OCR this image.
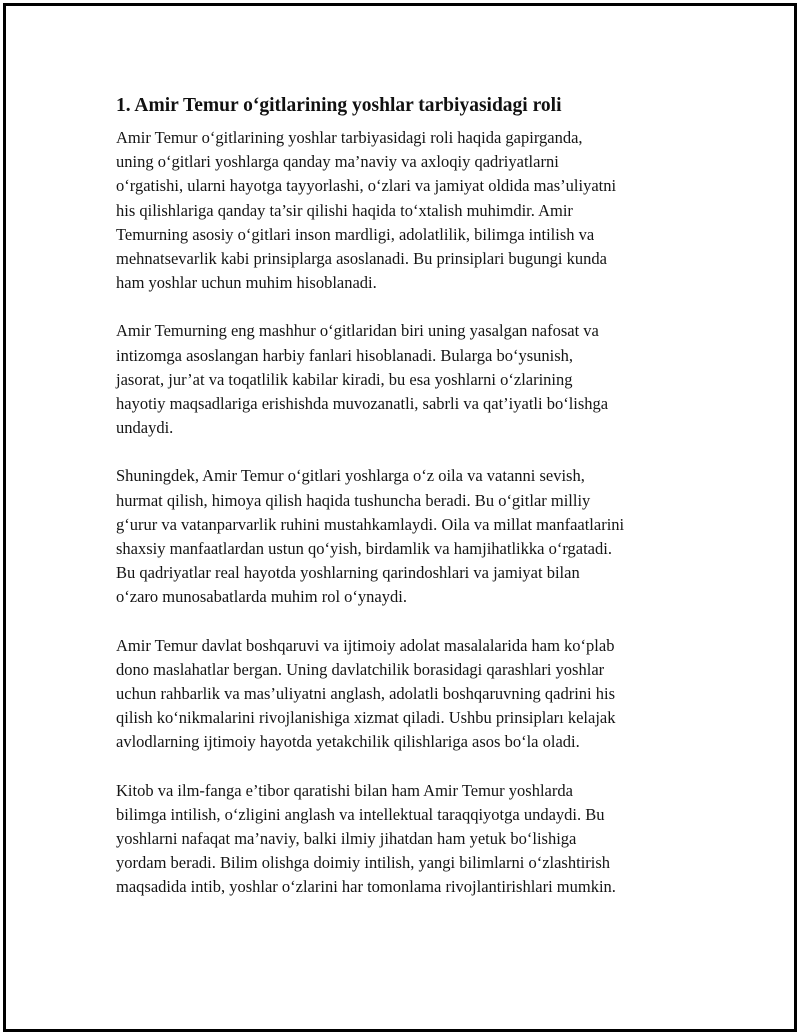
1. Amir Temur o‘gitlarining yoshlar tarbiyasidagi roli
Amir Temur o‘gitlarining yoshlar tarbiyasidagi roli haqida gapirganda,
uning o‘gitlari yoshlarga qanday ma’naviy va axloqiy qadriyatlarni
o‘rgatishi, ularni hayotga tayyorlashi, o‘zlari va jamiyat oldida mas’uliyatni
his qilishlariga qanday ta’sir qilishi haqida to‘xtalish muhimdir. Amir
Temurning asosiy o‘gitlari inson mardligi, adolatlilik, bilimga intilish va
mehnatsevarlik kabi prinsiplarga asoslanadi. Bu prinsiplari bugungi kunda
ham yoshlar uchun muhim hisoblanadi.
Amir Temurning eng mashhur o‘gitlaridan biri uning yasalgan nafosat va
intizomga asoslangan harbiy fanlari hisoblanadi. Bularga bo‘ysunish,
jasorat, jur’at va toqatlilik kabilar kiradi, bu esa yoshlarni o‘zlarining
hayotiy maqsadlariga erishishda muvozanatli, sabrli va qat’iyatli bo‘lishga
undaydi.
Shuningdek, Amir Temur o‘gitlari yoshlarga o‘z oila va vatanni sevish,
hurmat qilish, himoya qilish haqida tushuncha beradi. Bu o‘gitlar milliy
g‘urur va vatanparvarlik ruhini mustahkamlaydi. Oila va millat manfaatlarini
shaxsiy manfaatlardan ustun qo‘yish, birdamlik va hamjihatlikka o‘rgatadi.
Bu qadriyatlar real hayotda yoshlarning qarindoshlari va jamiyat bilan
o‘zaro munosabatlarda muhim rol o‘ynaydi.
Amir Temur davlat boshqaruvi va ijtimoiy adolat masalalarida ham ko‘plab
dono maslahatlar bergan. Uning davlatchilik borasidagi qarashlari yoshlar
uchun rahbarlik va mas’uliyatni anglash, adolatli boshqaruvning qadrini his
qilish ko‘nikmalarini rivojlanishiga xizmat qiladi. Ushbu prinsipları kelajak
avlodlarning ijtimoiy hayotda yetakchilik qilishlariga asos bo‘la oladi.
Kitob va ilm-fanga e’tibor qaratishi bilan ham Amir Temur yoshlarda
bilimga intilish, o‘zligini anglash va intellektual taraqqiyotga undaydi. Bu
yoshlarni nafaqat ma’naviy, balki ilmiy jihatdan ham yetuk bo‘lishiga
yordam beradi. Bilim olishga doimiy intilish, yangi bilimlarni o‘zlashtirish
maqsadida intib, yoshlar o‘zlarini har tomonlama rivojlantirishlari mumkin.
